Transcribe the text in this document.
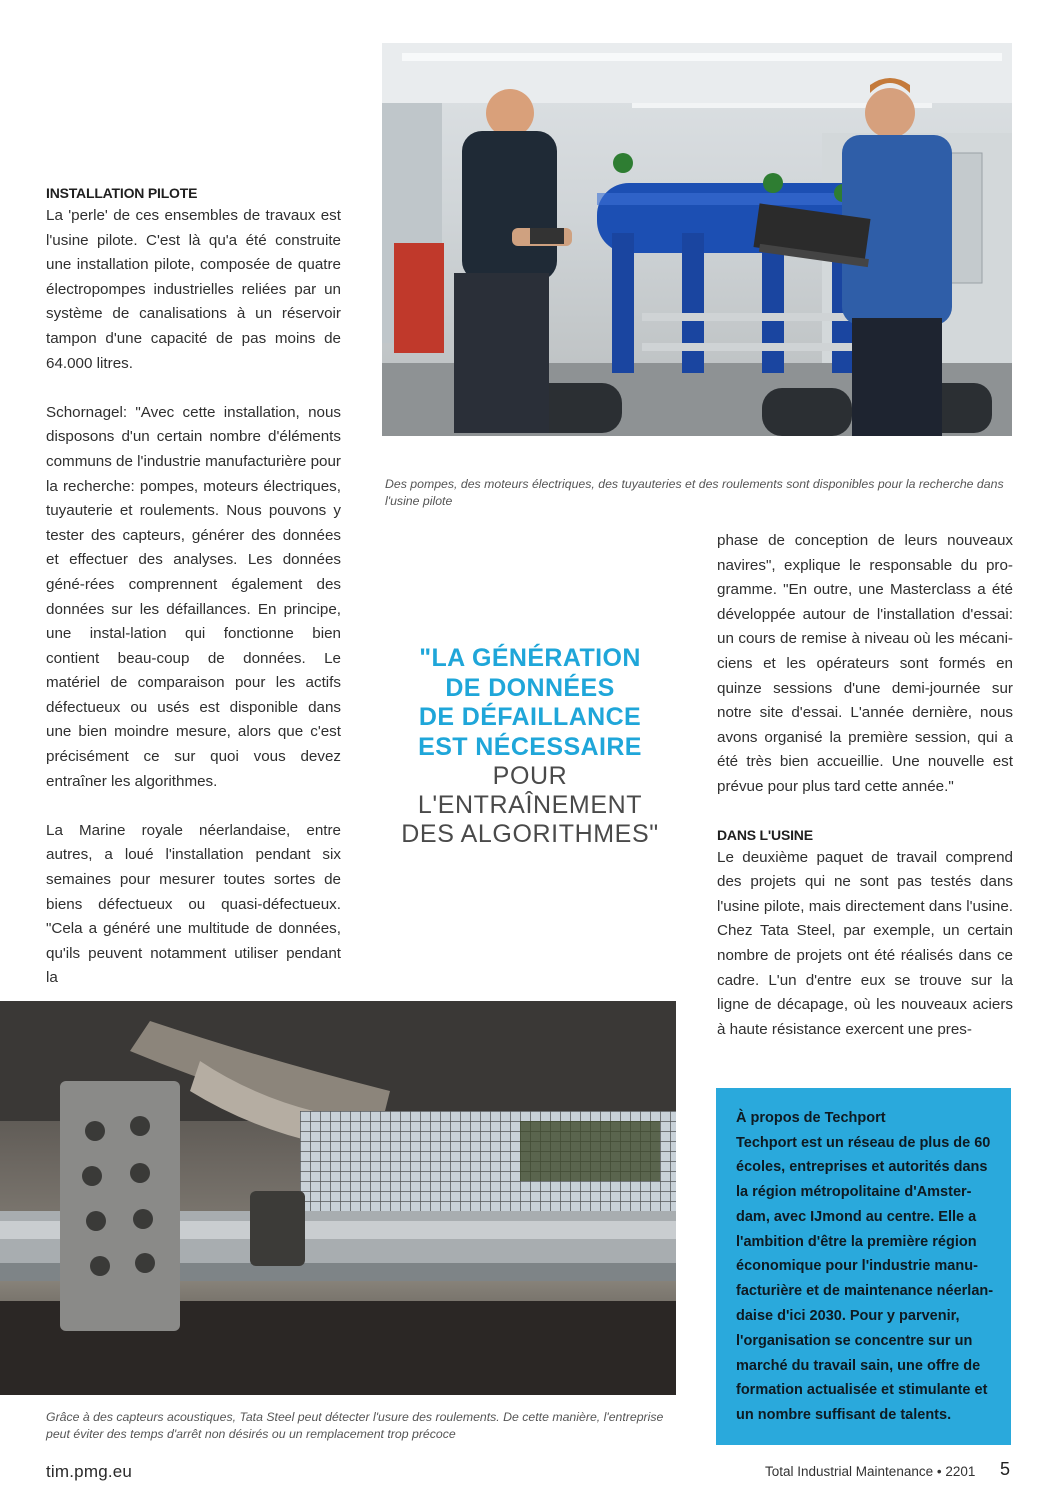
INSTALLATION PILOTE

La 'perle' de ces ensembles de travaux est l'usine pilote. C'est là qu'a été construite une installation pilote, composée de quatre électropompes industrielles reliées par un système de canalisations à un réservoir tampon d'une capacité de pas moins de 64.000 litres.

Schornagel: "Avec cette installation, nous disposons d'un certain nombre d'éléments communs de l'industrie manufacturière pour la recherche: pompes, moteurs électriques, tuyauterie et roulements. Nous pouvons y tester des capteurs, générer des données et effectuer des analyses. Les données géné-rées comprennent également des données sur les défaillances. En principe, une instal-lation qui fonctionne bien contient beau-coup de données. Le matériel de comparaison pour les actifs défectueux ou usés est disponible dans une bien moindre mesure, alors que c'est précisément ce sur quoi vous devez entraîner les algorithmes.

La Marine royale néerlandaise, entre autres, a loué l'installation pendant six semaines pour mesurer toutes sortes de biens défectueux ou quasi-défectueux. "Cela a généré une multitude de données, qu'ils peuvent notamment utiliser pendant la

Des pompes, des moteurs électriques, des tuyauteries et des roulements sont disponibles pour la recherche dans l'usine pilote
"LA GÉNÉRATION
DE DONNÉES
DE DÉFAILLANCE
EST NÉCESSAIRE
POUR L'ENTRAÎNEMENT
DES ALGORITHMES"
phase de conception de leurs nouveaux navires", explique le responsable du pro-gramme. "En outre, une Masterclass a été développée autour de l'installation d'essai: un cours de remise à niveau où les mécani-ciens et les opérateurs sont formés en quinze sessions d'une demi-journée sur notre site d'essai. L'année dernière, nous avons organisé la première session, qui a été très bien accueillie. Une nouvelle est prévue pour plus tard cette année."
DANS L'USINE
Le deuxième paquet de travail comprend des projets qui ne sont pas testés dans l'usine pilote, mais directement dans l'usine. Chez Tata Steel, par exemple, un certain nombre de projets ont été réalisés dans ce cadre. L'un d'entre eux se trouve sur la ligne de décapage, où les nouveaux aciers à haute résistance exercent une pres-
Grâce à des capteurs acoustiques, Tata Steel peut détecter l'usure des roulements. De cette manière, l'entreprise peut éviter des temps d'arrêt non désirés ou un remplacement trop précoce
À propos de Techport
Techport est un réseau de plus de 60 écoles, entreprises et autorités dans la région métropolitaine d'Amster-dam, avec IJmond au centre. Elle a l'ambition d'être la première région économique pour l'industrie manu-facturière et de maintenance néerlan-daise d'ici 2030. Pour y parvenir, l'organisation se concentre sur un marché du travail sain, une offre de formation actualisée et stimulante et un nombre suffisant de talents.
tim.pmg.eu	Total Industrial Maintenance • 2201 5
